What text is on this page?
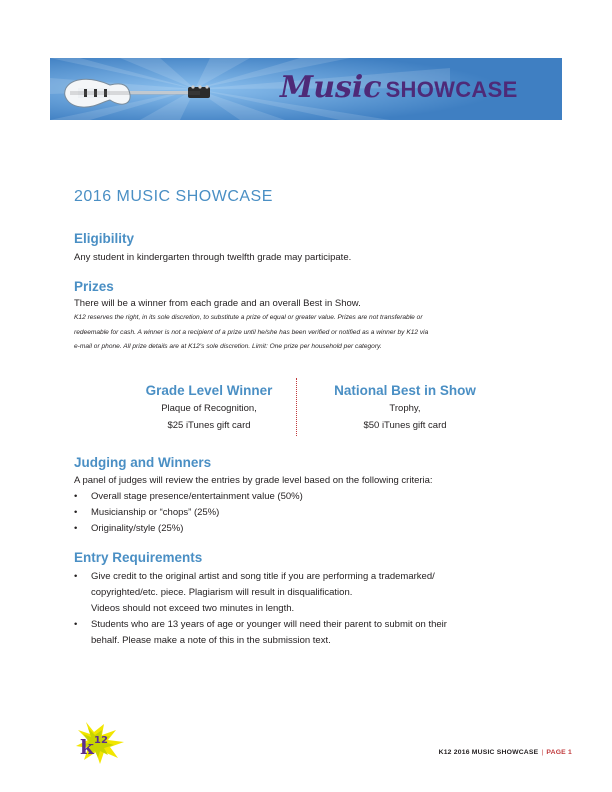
Music SHOWCASE
2016 MUSIC SHOWCASE
Eligibility

Any student in kindergarten through twelfth grade may participate.

Prizes

There will be a winner from each grade and an overall Best in Show.

K12 reserves the right, in its sole discretion, to substitute a prize of equal or greater value. Prizes are not transferable or
redeemable for cash. A winner is not a recipient of a prize until he/she has been verified or notified as a winner by K12 via
e-mail or phone. All prize details are at K12's sole discretion. Limit: One prize per household per category.
Grade Level Winner
Plaque of Recognition,
$25 iTunes gift card
National Best in Show
Trophy,
$50 iTunes gift card
Judging and Winners

A panel of judges will review the entries by grade level based on the following criteria:

• Overall stage presence/entertainment value (50%)
• Musicianship or “chops” (25%)
• Originality/style (25%)
Entry Requirements
• Give credit to the original artist and song title if you are performing a trademarked/
copyrighted/etc. piece. Plagiarism will result in disqualification.
Videos should not exceed two minutes in length.
• Students who are 13 years of age or younger will need their parent to submit on their
behalf. Please make a note of this in the submission text.
k 12
K12 2016 MUSIC SHOWCASE | PAGE 1
